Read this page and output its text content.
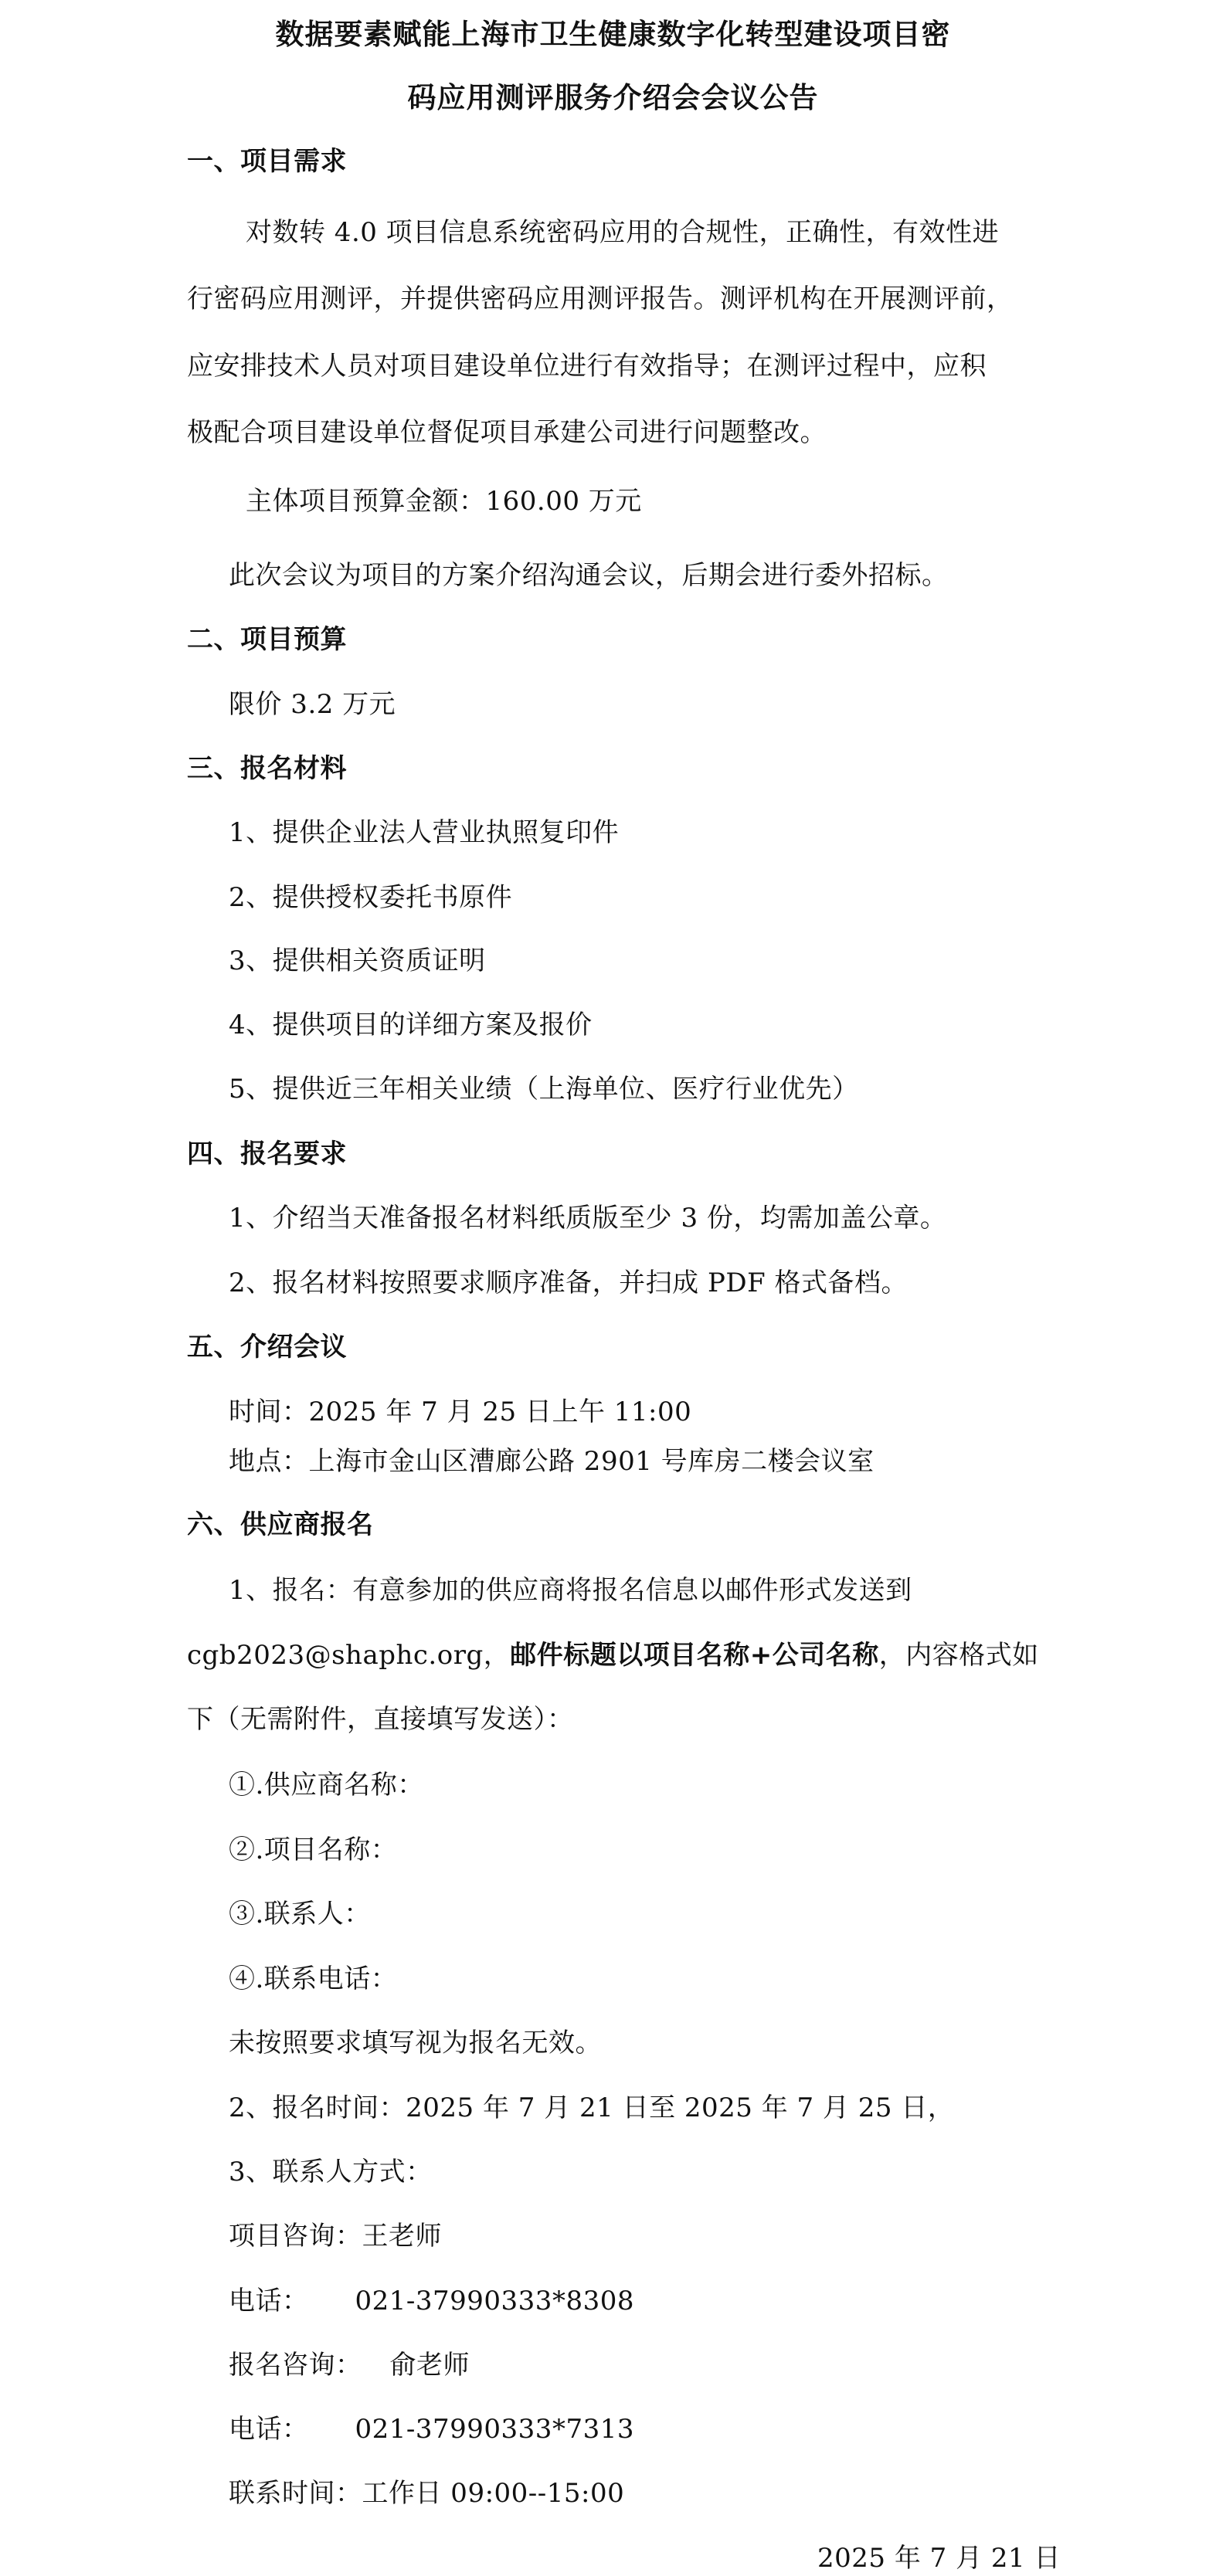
数据要素赋能上海市卫生健康数字化转型建设项目密
码应用测评服务介绍会会议公告
一、项目需求
对数转 4.0 项目信息系统密码应用的合规性，正确性，有效性进
行密码应用测评，并提供密码应用测评报告。测评机构在开展测评前，
应安排技术人员对项目建设单位进行有效指导；在测评过程中，应积
极配合项目建设单位督促项目承建公司进行问题整改。
主体项目预算金额：160.00 万元
此次会议为项目的方案介绍沟通会议，后期会进行委外招标。
二、项目预算
限价 3.2 万元
三、报名材料
1、提供企业法人营业执照复印件
2、提供授权委托书原件
3、提供相关资质证明
4、提供项目的详细方案及报价
5、提供近三年相关业绩（上海单位、医疗行业优先）
四、报名要求
1、介绍当天准备报名材料纸质版至少 3 份，均需加盖公章。
2、报名材料按照要求顺序准备，并扫成 PDF 格式备档。
五、介绍会议
时间：2025 年 7 月 25 日上午 11:00
地点：上海市金山区漕廊公路 2901 号库房二楼会议室
六、供应商报名
1、报名：有意参加的供应商将报名信息以邮件形式发送到
cgb2023@shaphc.org，邮件标题以项目名称+公司名称，内容格式如
下（无需附件，直接填写发送）：
①.供应商名称：
②.项目名称：
③.联系人：
④.联系电话：
未按照要求填写视为报名无效。
2、报名时间：2025 年 7 月 21 日至 2025 年 7 月 25 日，
3、联系人方式：
项目咨询：王老师
电话： 021-37990333*8308
报名咨询： 俞老师
电话： 021-37990333*7313
联系时间：工作日 09:00--15:00
2025 年 7 月 21 日
